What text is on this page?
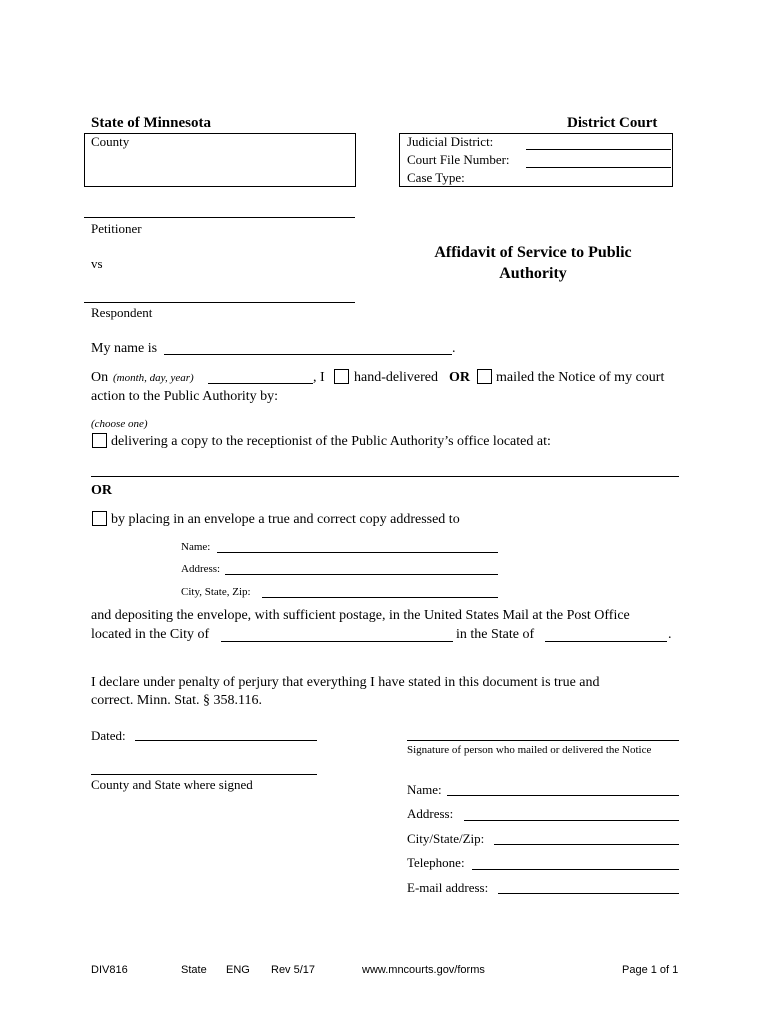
State of Minnesota	District Court
County	Judicial District:
Court File Number:
Case Type:
Petitioner
vs
Respondent
Affidavit of Service to Public
Authority
My name is	.
On (month, day, year)	, I hand-delivered OR mailed the Notice of my court
action to the Public Authority by:
(choose one)
delivering a copy to the receptionist of the Public Authority’s office located at:
OR
by placing in an envelope a true and correct copy addressed to
Name:
Address:
City, State, Zip:
and depositing the envelope, with sufficient postage, in the United States Mail at the Post Office
located in the City of	in the State of	.
I declare under penalty of perjury that everything I have stated in this document is true and
correct. Minn. Stat. § 358.116.
Dated:
Signature of person who mailed or delivered the Notice
County and State where signed	Name:
Address:
City/State/Zip:
Telephone:
E-mail address:
DIV816	State ENG Rev 5/17	www.mncourts.gov/forms	Page 1 of 1
